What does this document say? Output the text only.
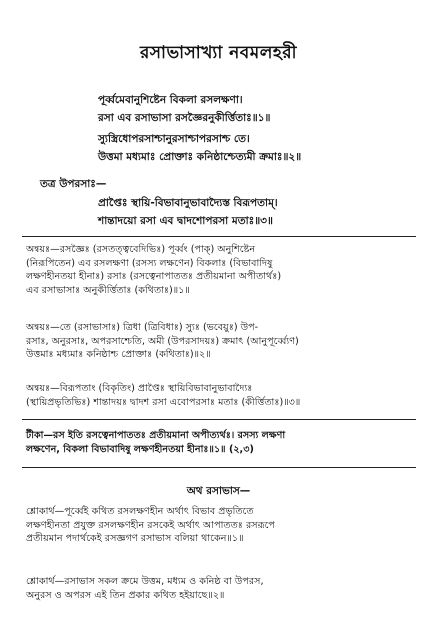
রসাভাসাখ্যা নবমলহরী
পূর্ব্বমেবানুশিষ্টেন বিকলা রসলক্ষণা।
রসা এব রসাভাসা রসজ্ঞৈরনুকীর্ত্তিতাঃ॥১॥
স্যুস্ত্রিধোপরসাশ্চানুরসাশ্চাপরসাশ্চ তে।
উত্তমা মধ্যমাঃ প্রোক্তাঃ কনিষ্ঠাশ্চেত্যমী ক্রমাঃ॥২॥
তত্র উপরসাঃ—
প্রাপ্তৈঃ স্থায়ি-বিভাবানুভাবাদ্যৈস্ত বিরূপতাম্।
শান্তাদয়ো রসা এব দ্বাদশোপরসা মতাঃ॥৩॥
অন্বয়ঃ—রসজ্ঞৈঃ (রসতত্ত্ববেদিভিঃ) পূর্ব্বং (পাক্) অনুশিষ্টেন
(নিরূপিতেন) এব রসলক্ষণা (রসস্য লক্ষণেন) বিকলাঃ (বিভাবাদিষু
লক্ষণহীনতয়া হীনাঃ) রসাঃ (রসত্বেনাপাততঃ প্রতীয়মানা অপীতার্থঃ)
এব রসাভাসাঃ অনুকীর্ত্তিতাঃ (কথিতাঃ)॥১॥
অন্বয়ঃ—তে (রসাভাসাঃ) ত্রিধা (ত্রিবিধাঃ) স্যুঃ (ভবেয়ুঃ) উপ-
রসাঃ, অনুরসাঃ, অপরসাশ্চেতি, অমী (উপরসাদয়ঃ) ক্রমাৎ (আনুপূর্ব্ব্যেণ)
উত্তমাঃ মধ্যমাঃ কনিষ্ঠাশ্চ প্রোক্তাঃ (কথিতাঃ)॥২॥
অন্বয়ঃ—বিরূপতাং (বিকৃতিং) প্রাপ্তৈঃ স্থায়িবিভাবানুভাবাদ্যৈঃ
(স্থায়িপ্রভৃতিভিঃ) শান্তাদয়ঃ দ্বাদশ রসা এবোপরসাঃ মতাঃ (কীর্ত্তিতাঃ)॥৩॥
টীকা—রস ইতি রসত্বেনাপাততঃ প্রতীয়মানা অপীত্যর্থঃ। রসস্য লক্ষণা
লক্ষণেন, বিকলা বিভাবাদিষু লক্ষণহীনতয়া হীনাঃ॥১॥ (২,৩)
অথ রসাভাস—
শ্লোকার্থ—পূর্ব্বেই কথিত রসলক্ষণহীন অর্থাৎ বিভাব প্রভৃতিতে
লক্ষণহীনতা প্রযুক্ত রসলক্ষণহীন রসকেই অর্থাৎ আপাততঃ রসরূপে
প্রতীয়মান পদার্থকেই রসজ্ঞগণ রসাভাস বলিয়া থাকেন॥১॥
শ্লোকার্থ—রসাভাস সকল ক্রমে উত্তম, মধ্যম ও কনিষ্ঠ বা উপরস,
অনুরস ও অপরস এই তিন প্রকার কথিত হইয়াছে॥২॥
